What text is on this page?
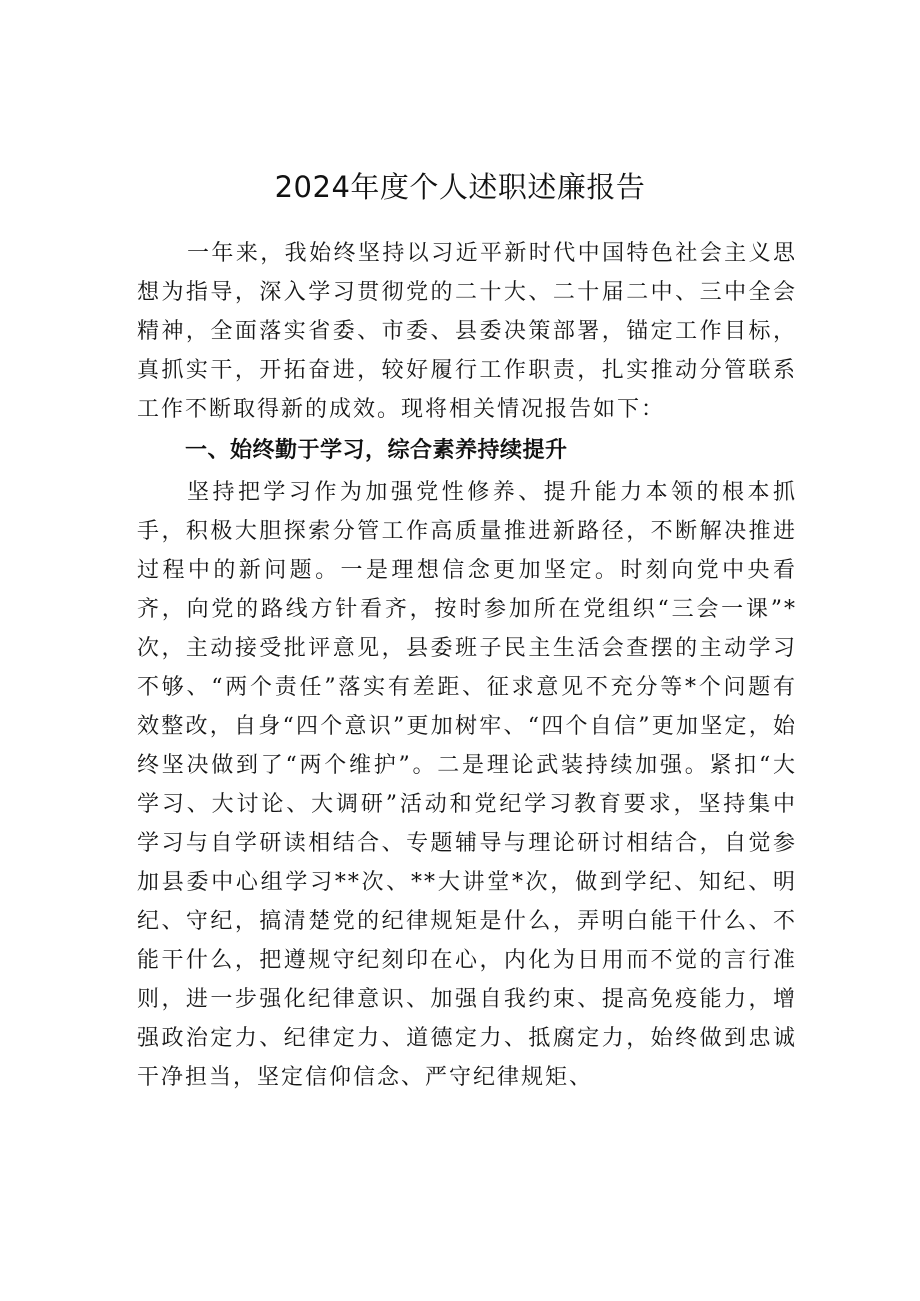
2024年度个人述职述廉报告

一年来，我始终坚持以习近平新时代中国特色社会主义思想为指导，深入学习贯彻党的二十大、二十届二中、三中全会精神，全面落实省委、市委、县委决策部署，锚定工作目标，真抓实干，开拓奋进，较好履行工作职责，扎实推动分管联系工作不断取得新的成效。现将相关情况报告如下：

一、始终勤于学习，综合素养持续提升

坚持把学习作为加强党性修养、提升能力本领的根本抓手，积极大胆探索分管工作高质量推进新路径，不断解决推进过程中的新问题。一是理想信念更加坚定。时刻向党中央看齐，向党的路线方针看齐，按时参加所在党组织“三会一课”*次，主动接受批评意见，县委班子民主生活会查摆的主动学习不够、“两个责任”落实有差距、征求意见不充分等*个问题有效整改，自身“四个意识”更加树牢、“四个自信”更加坚定，始终坚决做到了“两个维护”。二是理论武装持续加强。紧扣“大学习、大讨论、大调研”活动和党纪学习教育要求，坚持集中学习与自学研读相结合、专题辅导与理论研讨相结合，自觉参加县委中心组学习**次、**大讲堂*次，做到学纪、知纪、明纪、守纪，搞清楚党的纪律规矩是什么，弄明白能干什么、不能干什么，把遵规守纪刻印在心，内化为日用而不觉的言行准则，进一步强化纪律意识、加强自我约束、提高免疫能力，增强政治定力、纪律定力、道德定力、抵腐定力，始终做到忠诚干净担当，坚定信仰信念、严守纪律规矩、
